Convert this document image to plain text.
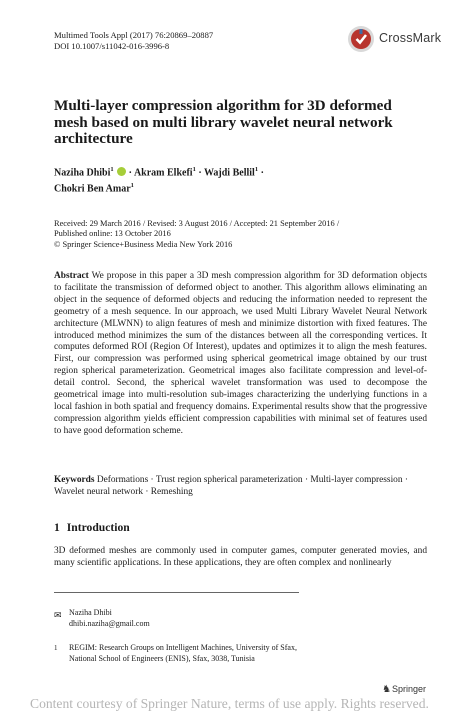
Multimed Tools Appl (2017) 76:20869–20887
DOI 10.1007/s11042-016-3996-8
CrossMark
Multi-layer compression algorithm for 3D deformed
mesh based on multi library wavelet neural network
architecture
Naziha Dhibi$^1$ · Akram Elkefi$^1$ · Wajdi Bellil$^1$ ·
Chokri Ben Amar$^1$
Received: 29 March 2016 / Revised: 3 August 2016 / Accepted: 21 September 2016 /
Published online: 13 October 2016
© Springer Science+Business Media New York 2016
Abstract We propose in this paper a 3D mesh compression algorithm for 3D deformation objects to facilitate the transmission of deformed object to another. This algorithm allows eliminating an object in the sequence of deformed objects and reducing the information needed to represent the geometry of a mesh sequence. In our approach, we used Multi Library Wavelet Neural Network architecture (MLWNN) to align features of mesh and minimize distortion with fixed features. The introduced method minimizes the sum of the distances between all the corresponding vertices. It computes deformed ROI (Region Of Interest), updates and optimizes it to align the mesh features. First, our compression was performed using spherical geometrical image obtained by our trust region spherical parameterization. Geometrical images also facilitate compression and level-of-detail control. Second, the spherical wavelet transformation was used to decompose the geometrical image into multi-resolution sub-images characterizing the underlying functions in a local fashion in both spatial and frequency domains. Experimental results show that the progressive compression algorithm yields efficient compression capabilities with minimal set of features used to have good deformation scheme.
Keywords Deformations · Trust region spherical parameterization · Multi-layer compression · Wavelet neural network · Remeshing
1 Introduction
3D deformed meshes are commonly used in computer games, computer generated movies, and many scientific applications. In these applications, they are often complex and nonlinearly
✉ Naziha Dhibi
dhibi.naziha@gmail.com
1 REGIM: Research Groups on Intelligent Machines, University of Sfax,
National School of Engineers (ENIS), Sfax, 3038, Tunisia
♞Springer
Content courtesy of Springer Nature, terms of use apply. Rights reserved.
